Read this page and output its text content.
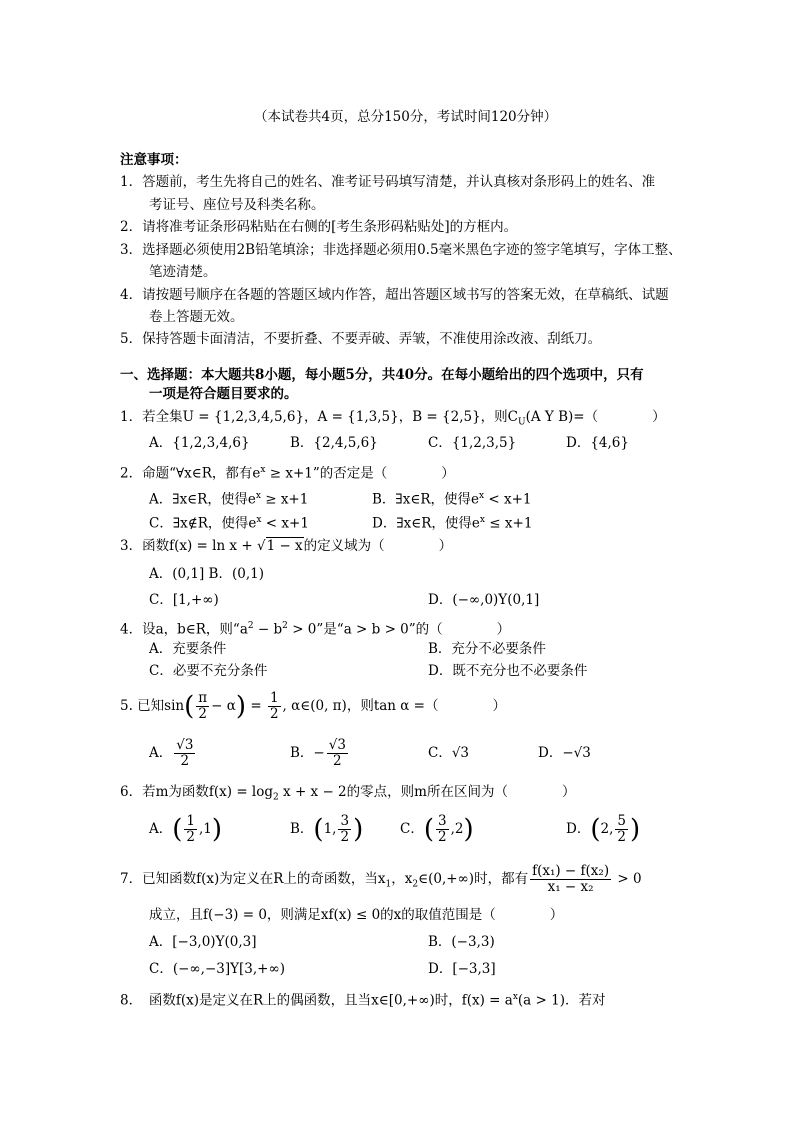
（本试卷共4页，总分150分，考试时间120分钟）
注意事项：
1．答题前，考生先将自己的姓名、准考证号码填写清楚，并认真核对条形码上的姓名、准
考证号、座位号及科类名称。
2．请将准考证条形码粘贴在右侧的[考生条形码粘贴处]的方框内。
3．选择题必须使用2B铅笔填涂；非选择题必须用0.5毫米黑色字迹的签字笔填写，字体工整、
笔迹清楚。
4．请按题号顺序在各题的答题区域内作答，超出答题区域书写的答案无效，在草稿纸、试题
卷上答题无效。
5．保持答题卡面清洁，不要折叠、不要弄破、弄皱，不准使用涂改液、刮纸刀。
一、选择题：本大题共8小题，每小题5分，共40分。在每小题给出的四个选项中，只有
一项是符合题目要求的。
1．若全集U = {1,2,3,4,5,6}，A = {1,3,5}，B = {2,5}，则$C_U(A$ Y B)=（　　　　）
A．{1,2,3,4,6}	B．{2,4,5,6}	C．{1,2,3,5}	D．{4,6}
2．命题“∀x∈R，都有$e^x \ge x+1$”的否定是（　　　　）
A．∃x∈R，使得$e^x \ge x+1$	B．∃x∈R，使得$e^x < x+1$
C．∃x∉R，使得$e^x < x+1$	D．∃x∈R，使得$e^x \le x+1$
3．函数f(x) = ln x + √1 − x的定义域为（　　　　）
A．(0,1] B．(0,1)
C．[1,+∞)	D．(−∞,0)Y(0,1]
4．设a，b∈R，则“$a^2 - b^2 > 0$”是“a > b > 0”的（　　　　）
A．充要条件	B．充分不必要条件
C．必要不充分条件	D．既不充分也不必要条件
5. 已知$\sin( \frac{\pi}{2} - \alpha) = \frac{1}{2}$ , α∈(0, π)，则tan α =（　　　　）
A． $\frac{√3}{2}$	B．− $\frac{√3}{2}$	C．√3	D．−√3
6．若m为函数$f(x) = \log_2 x + x - 2$的零点，则m所在区间为（　　　　）
A．( $\frac{1}{2} ,1$)	B．(1, $\frac{3}{2}$ )	C．( $\frac{3}{2} ,2$)	D．(2, $\frac{5}{2}$ )
7．已知函数f(x)为定义在R上的奇函数，当$x_1$，$x_2\in(0,+\infty)$时，都有 $\frac{\text{f(x₁) − f(x₂)}}{\text{x₁ − x₂}} > 0$
成立，且f(−3) = 0，则满足xf(x) ≤ 0的x的取值范围是（　　　　）
A．[−3,0)Y(0,3]	B．(−3,3)
C．(−∞,−3]Y[3,+∞)	D．[−3,3]
8．　函数f(x)是定义在R上的偶函数，且当x∈[0,+∞)时，$f(x) = a^x(a > 1)$．若对
